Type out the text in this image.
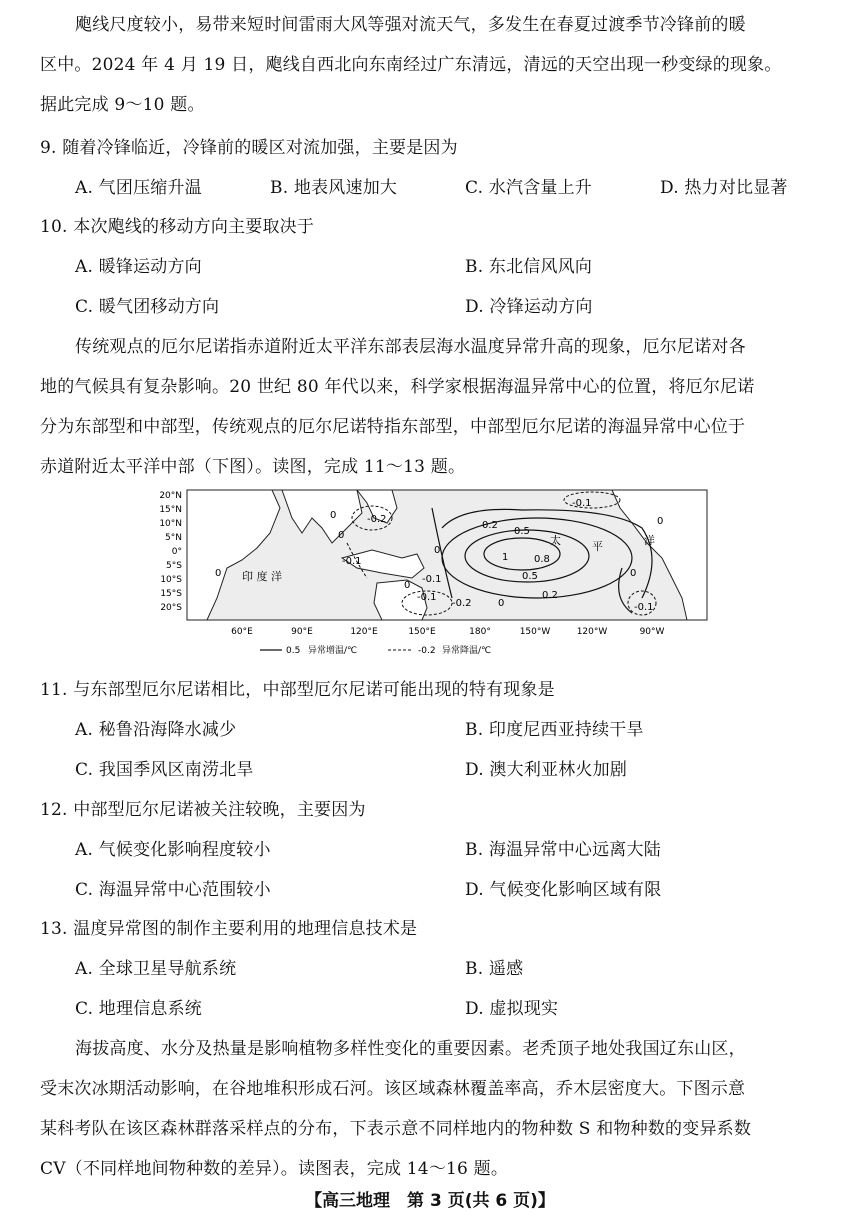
飑线尺度较小，易带来短时间雷雨大风等强对流天气，多发生在春夏过渡季节冷锋前的暖
区中。2024 年 4 月 19 日，飑线自西北向东南经过广东清远，清远的天空出现一秒变绿的现象。
据此完成 9～10 题。
9. 随着冷锋临近，冷锋前的暖区对流加强，主要是因为
A. 气团压缩升温	B. 地表风速加大	C. 水汽含量上升	D. 热力对比显著
10. 本次飑线的移动方向主要取决于
A. 暖锋运动方向	B. 东北信风风向
C. 暖气团移动方向	D. 冷锋运动方向
传统观点的厄尔尼诺指赤道附近太平洋东部表层海水温度异常升高的现象，厄尔尼诺对各
地的气候具有复杂影响。20 世纪 80 年代以来，科学家根据海温异常中心的位置，将厄尔尼诺
分为东部型和中部型，传统观点的厄尔尼诺特指东部型，中部型厄尔尼诺的海温异常中心位于
赤道附近太平洋中部（下图）。读图，完成 11～13 题。
20°N
15°N
10°N
5°N
0°
5°S
10°S
15°S
20°S
60°E	90°E	120°E	150°E	180°	150°W	120°W	90°W
0.5
0.2
1	0.8
0.5
0.2
-0.1
-0.2
-0.1
-0.1
-0.2
-0.1
-0.1
0
0
0
0
0
0
0
0
印 度 洋
太	平	洋
0.5 异常增温/℃	-0.2 异常降温/℃
11. 与东部型厄尔尼诺相比，中部型厄尔尼诺可能出现的特有现象是
A. 秘鲁沿海降水减少	B. 印度尼西亚持续干旱
C. 我国季风区南涝北旱	D. 澳大利亚林火加剧
12. 中部型厄尔尼诺被关注较晚，主要因为
A. 气候变化影响程度较小	B. 海温异常中心远离大陆
C. 海温异常中心范围较小	D. 气候变化影响区域有限
13. 温度异常图的制作主要利用的地理信息技术是
A. 全球卫星导航系统	B. 遥感
C. 地理信息系统	D. 虚拟现实
海拔高度、水分及热量是影响植物多样性变化的重要因素。老秃顶子地处我国辽东山区，
受末次冰期活动影响，在谷地堆积形成石河。该区域森林覆盖率高，乔木层密度大。下图示意
某科考队在该区森林群落采样点的分布，下表示意不同样地内的物种数 S 和物种数的变异系数
CV（不同样地间物种数的差异）。读图表，完成 14～16 题。
【高三地理　第 3 页(共 6 页)】
